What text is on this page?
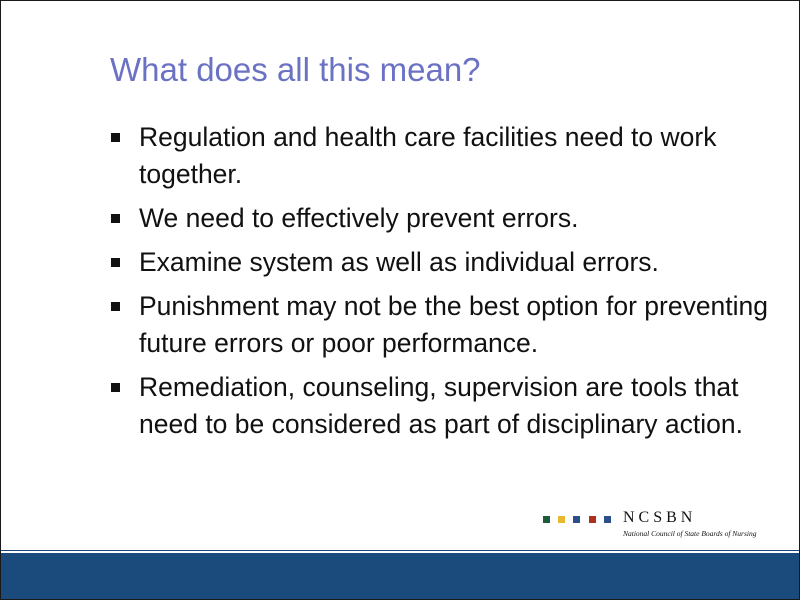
What does all this mean?
Regulation and health care facilities need to work together.
We need to effectively prevent errors.
Examine system as well as individual errors.
Punishment may not be the best option for preventing future errors or poor performance.
Remediation, counseling, supervision are tools that need to be considered as part of disciplinary action.
NCSBN
National Council of State Boards of Nursing
